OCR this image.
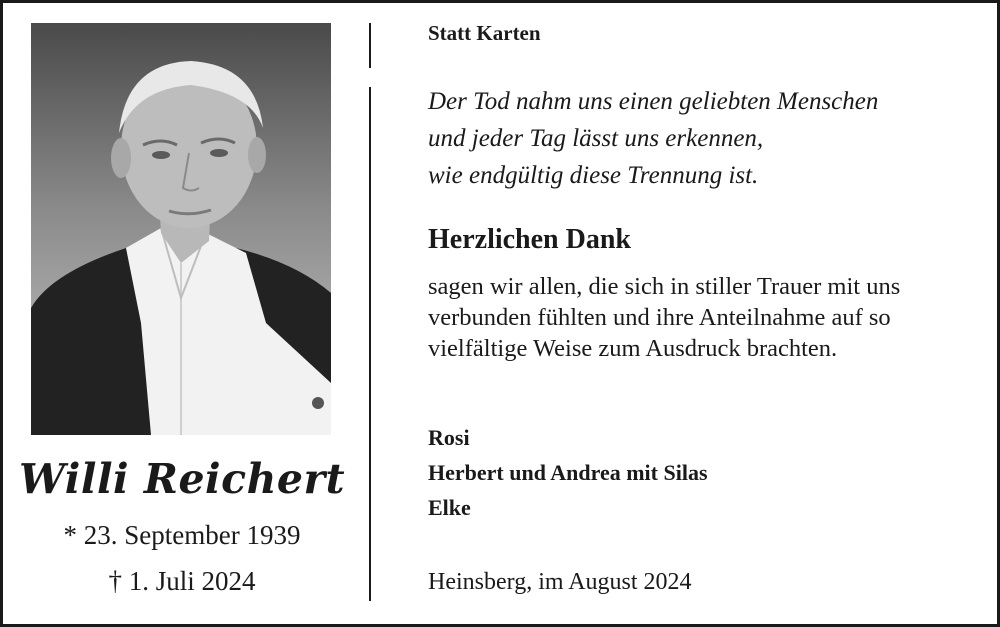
Willi Reichert
* 23. September 1939
† 1. Juli 2024
Statt Karten
Der Tod nahm uns einen geliebten Menschen
und jeder Tag lässt uns erkennen,
wie endgültig diese Trennung ist.
Herzlichen Dank
sagen wir allen, die sich in stiller Trauer mit uns
verbunden fühlten und ihre Anteilnahme auf so
vielfältige Weise zum Ausdruck brachten.
Rosi
Herbert und Andrea mit Silas
Elke
Heinsberg, im August 2024
